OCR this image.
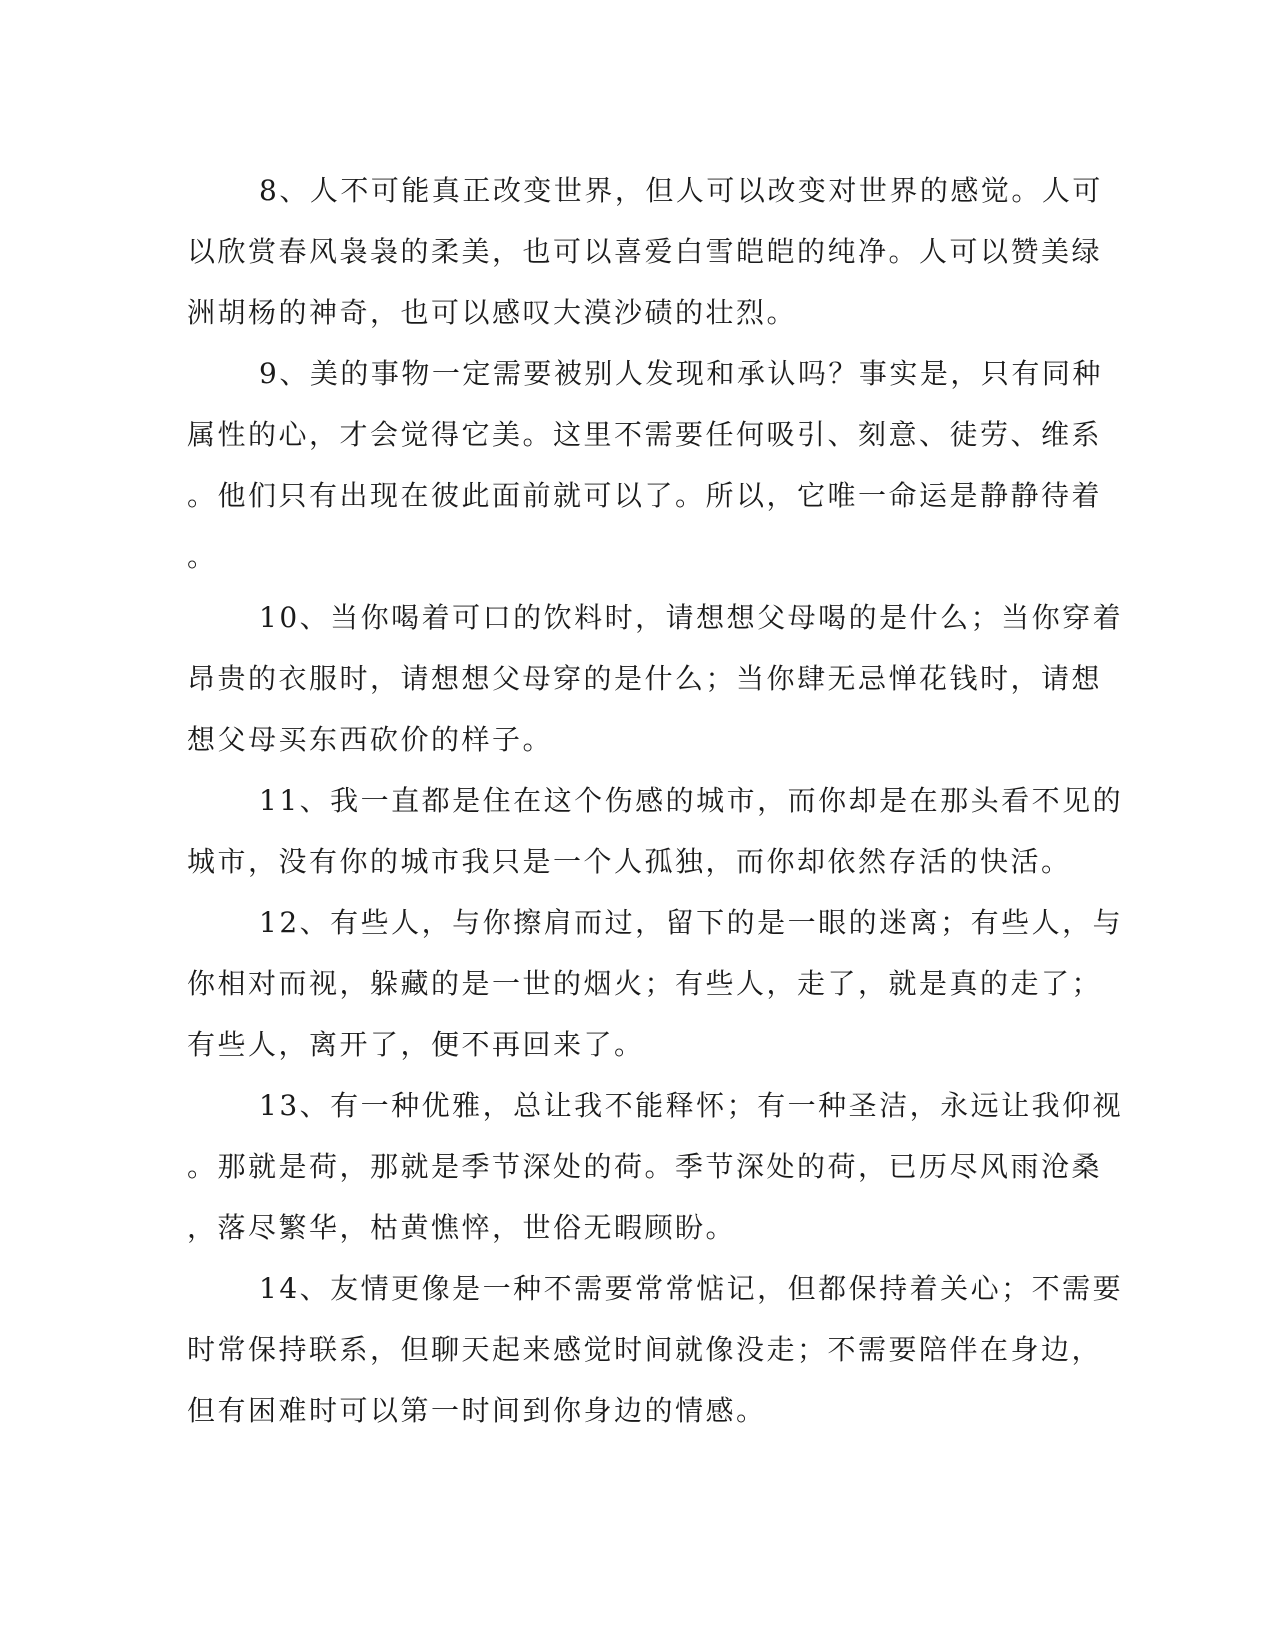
8、人不可能真正改变世界，但人可以改变对世界的感觉。人可
以欣赏春风袅袅的柔美，也可以喜爱白雪皑皑的纯净。人可以赞美绿
洲胡杨的神奇，也可以感叹大漠沙碛的壮烈。
9、美的事物一定需要被别人发现和承认吗？事实是，只有同种
属性的心，才会觉得它美。这里不需要任何吸引、刻意、徒劳、维系
。他们只有出现在彼此面前就可以了。所以，它唯一命运是静静待着
。
10、当你喝着可口的饮料时，请想想父母喝的是什么；当你穿着
昂贵的衣服时，请想想父母穿的是什么；当你肆无忌惮花钱时，请想
想父母买东西砍价的样子。
11、我一直都是住在这个伤感的城市，而你却是在那头看不见的
城市，没有你的城市我只是一个人孤独，而你却依然存活的快活。
12、有些人，与你擦肩而过，留下的是一眼的迷离；有些人，与
你相对而视，躲藏的是一世的烟火；有些人，走了，就是真的走了；
有些人，离开了，便不再回来了。
13、有一种优雅，总让我不能释怀；有一种圣洁，永远让我仰视
。那就是荷，那就是季节深处的荷。季节深处的荷，已历尽风雨沧桑
，落尽繁华，枯黄憔悴，世俗无暇顾盼。
14、友情更像是一种不需要常常惦记，但都保持着关心；不需要
时常保持联系，但聊天起来感觉时间就像没走；不需要陪伴在身边，
但有困难时可以第一时间到你身边的情感。
